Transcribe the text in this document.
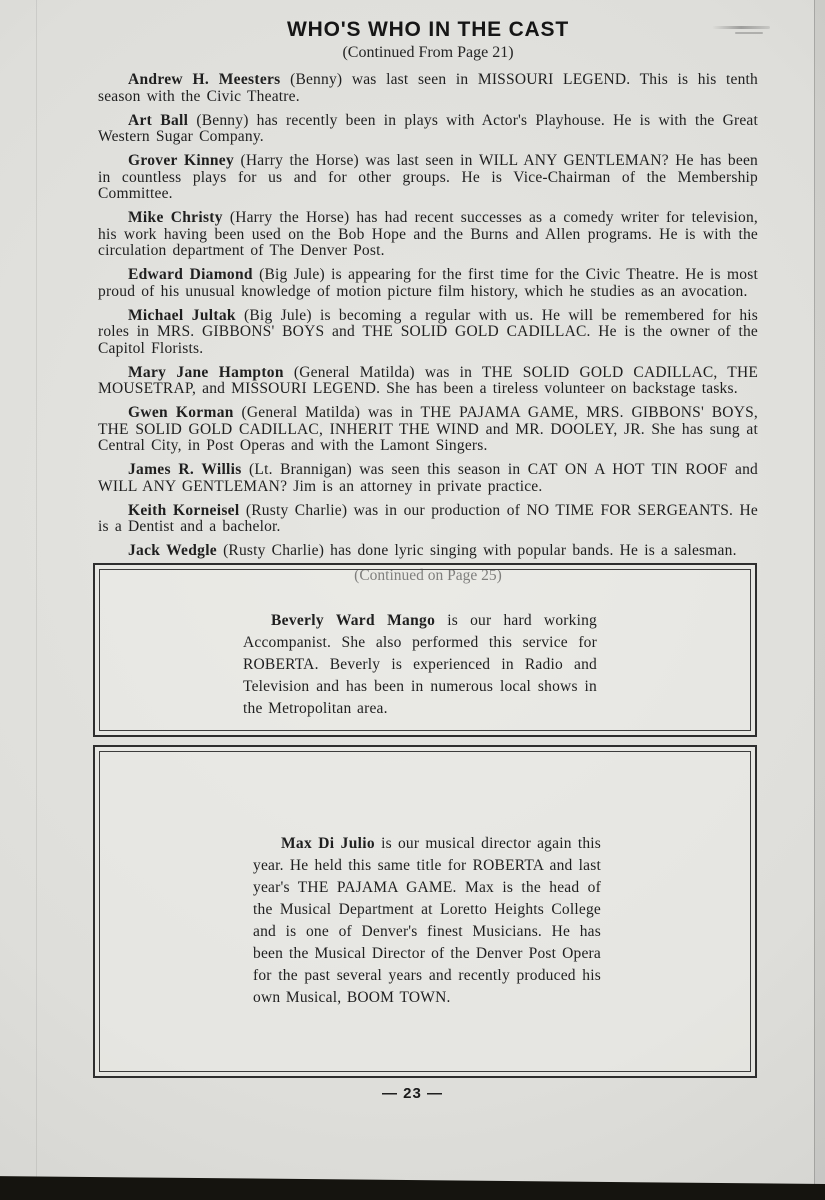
WHO'S WHO IN THE CAST
(Continued From Page 21)

Andrew H. Meesters (Benny) was last seen in MISSOURI LEGEND. This is his tenth season with the Civic Theatre.

Art Ball (Benny) has recently been in plays with Actor's Playhouse. He is with the Great Western Sugar Company.

Grover Kinney (Harry the Horse) was last seen in WILL ANY GENTLEMAN? He has been in countless plays for us and for other groups. He is Vice-Chairman of the Membership Committee.

Mike Christy (Harry the Horse) has had recent successes as a comedy writer for television, his work having been used on the Bob Hope and the Burns and Allen programs. He is with the circulation department of The Denver Post.

Edward Diamond (Big Jule) is appearing for the first time for the Civic Theatre. He is most proud of his unusual knowledge of motion picture film history, which he studies as an avocation.

Michael Jultak (Big Jule) is becoming a regular with us. He will be remembered for his roles in MRS. GIBBONS' BOYS and THE SOLID GOLD CADILLAC. He is the owner of the Capitol Florists.

Mary Jane Hampton (General Matilda) was in THE SOLID GOLD CADILLAC, THE MOUSETRAP, and MISSOURI LEGEND. She has been a tireless volunteer on backstage tasks.

Gwen Korman (General Matilda) was in THE PAJAMA GAME, MRS. GIBBONS' BOYS, THE SOLID GOLD CADILLAC, INHERIT THE WIND and MR. DOOLEY, JR. She has sung at Central City, in Post Operas and with the Lamont Singers.

James R. Willis (Lt. Brannigan) was seen this season in CAT ON A HOT TIN ROOF and WILL ANY GENTLEMAN? Jim is an attorney in private practice.

Keith Korneisel (Rusty Charlie) was in our production of NO TIME FOR SERGEANTS. He is a Dentist and a bachelor.

Jack Wedgle (Rusty Charlie) has done lyric singing with popular bands. He is a salesman.

(Continued on Page 25)

Beverly Ward Mango is our hard working Accompanist. She also performed this service for ROBERTA. Beverly is experienced in Radio and Television and has been in numerous local shows in the Metropolitan area.

Max Di Julio is our musical director again this year. He held this same title for ROBERTA and last year's THE PAJAMA GAME. Max is the head of the Musical Department at Loretto Heights College and is one of Denver's finest Musicians. He has been the Musical Director of the Denver Post Opera for the past several years and recently produced his own Musical, BOOM TOWN.

— 23 —
